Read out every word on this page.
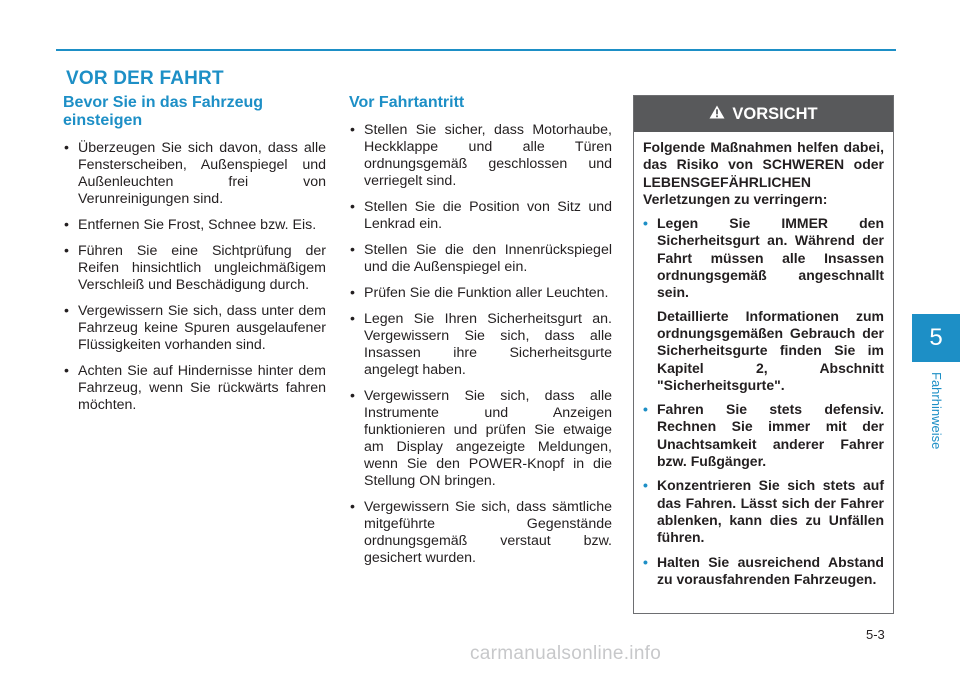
VOR DER FAHRT
Bevor Sie in das Fahrzeug einsteigen
• Überzeugen Sie sich davon, dass alle Fensterscheiben, Außenspiegel und Außenleuchten frei von Verunreinigungen sind.
• Entfernen Sie Frost, Schnee bzw. Eis.
• Führen Sie eine Sichtprüfung der Reifen hinsichtlich ungleichmäßigem Verschleiß und Beschädigung durch.
• Vergewissern Sie sich, dass unter dem Fahrzeug keine Spuren ausgelaufener Flüssigkeiten vorhanden sind.
• Achten Sie auf Hindernisse hinter dem Fahrzeug, wenn Sie rückwärts fahren möchten.
Vor Fahrtantritt
• Stellen Sie sicher, dass Motorhaube, Heckklappe und alle Türen ordnungsgemäß geschlossen und verriegelt sind.
• Stellen Sie die Position von Sitz und Lenkrad ein.
• Stellen Sie die den Innenrückspiegel und die Außenspiegel ein.
• Prüfen Sie die Funktion aller Leuchten.
• Legen Sie Ihren Sicherheitsgurt an. Vergewissern Sie sich, dass alle Insassen ihre Sicherheitsgurte angelegt haben.
• Vergewissern Sie sich, dass alle Instrumente und Anzeigen funktionieren und prüfen Sie etwaige am Display angezeigte Meldungen, wenn Sie den POWER-Knopf in die Stellung ON bringen.
• Vergewissern Sie sich, dass sämtliche mitgeführte Gegenstände ordnungsgemäß verstaut bzw. gesichert wurden.
VORSICHT

Folgende Maßnahmen helfen dabei, das Risiko von SCHWEREN oder LEBENSGEFÄHRLICHEN Verletzungen zu verringern:

• Legen Sie IMMER den Sicherheitsgurt an. Während der Fahrt müssen alle Insassen ordnungsgemäß angeschnallt sein.
Detaillierte Informationen zum ordnungsgemäßen Gebrauch der Sicherheitsgurte finden Sie im Kapitel 2, Abschnitt "Sicherheitsgurte".
• Fahren Sie stets defensiv. Rechnen Sie immer mit der Unachtsamkeit anderer Fahrer bzw. Fußgänger.
• Konzentrieren Sie sich stets auf das Fahren. Lässt sich der Fahrer ablenken, kann dies zu Unfällen führen.
• Halten Sie ausreichend Abstand zu vorausfahrenden Fahrzeugen.
5
Fahrhinweise
5-3
carmanualsonline.info
